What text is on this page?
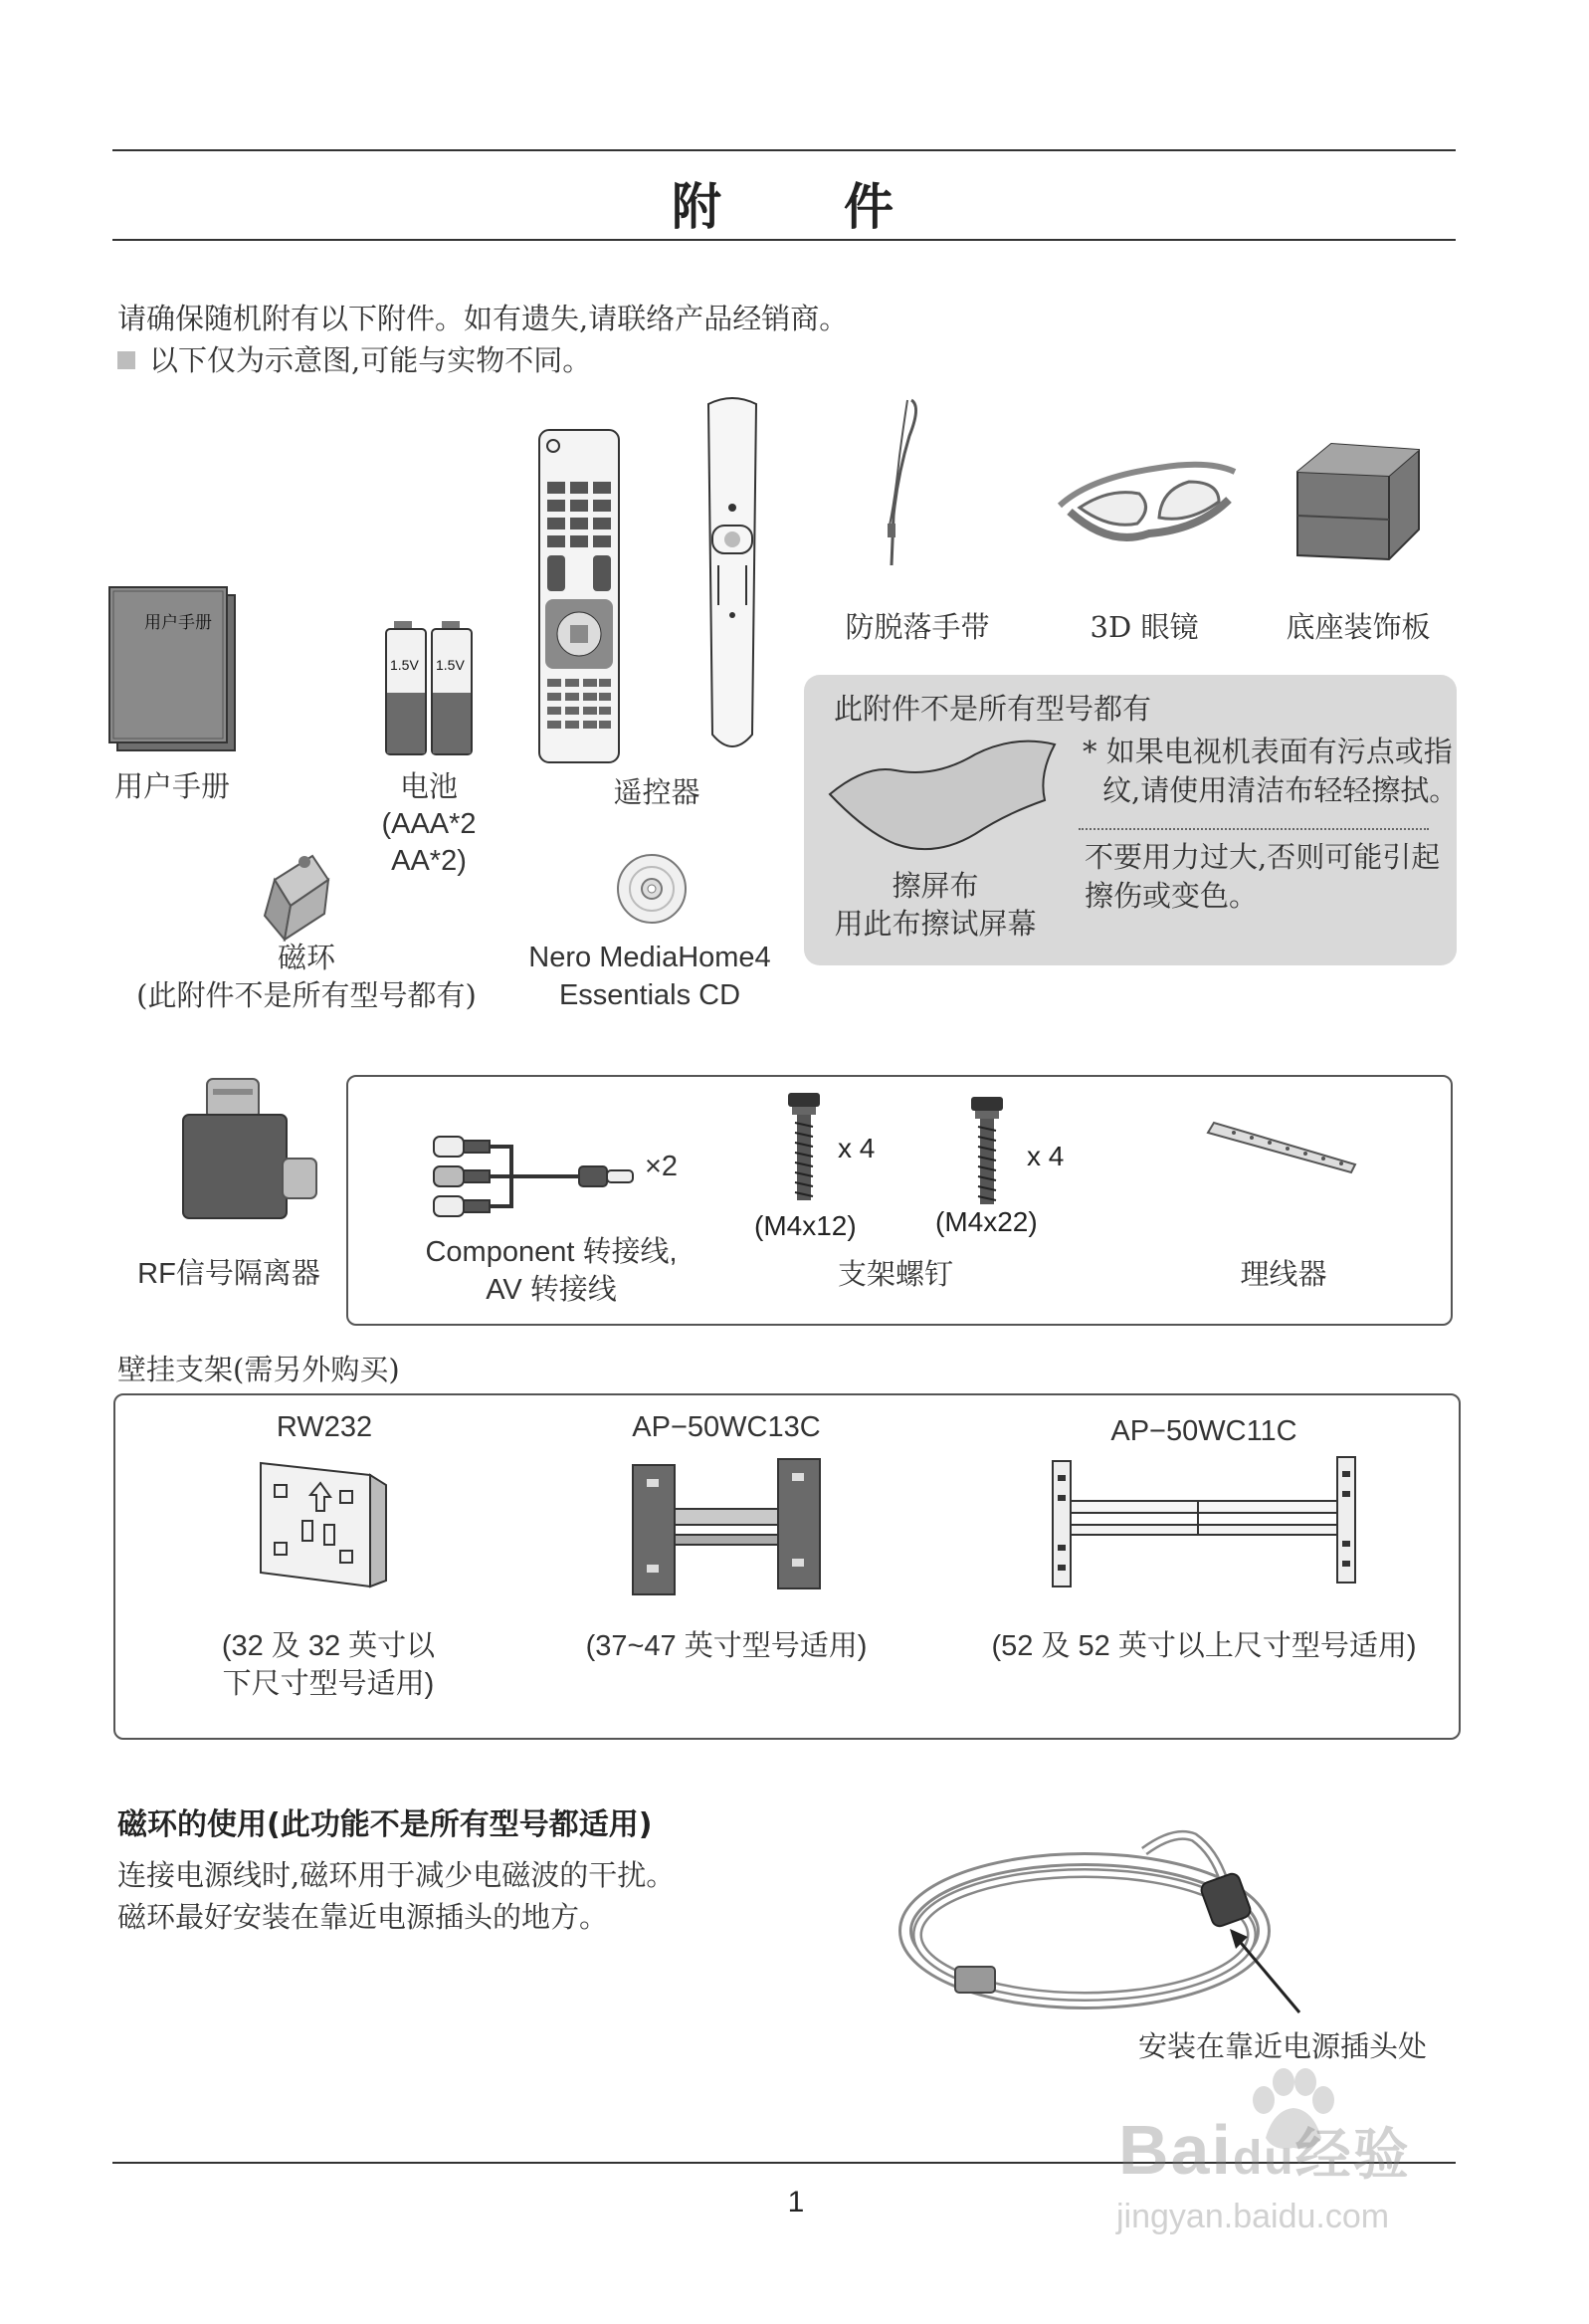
附 件
请确保随机附有以下附件。如有遗失,请联络产品经销商。
以下仅为示意图,可能与实物不同。
用户手册
用户手册
1.5V 1.5V
电池
(AAA*2
AA*2)
遥控器
防脱落手带	3D 眼镜	底座装饰板
此附件不是所有型号都有
擦屏布
用此布擦试屏幕
* 如果电视机表面有污点或指
纹,请使用清洁布轻轻擦拭。
不要用力过大,否则可能引起
擦伤或变色。
磁环
(此附件不是所有型号都有)
Nero MediaHome4
Essentials CD
RF信号隔离器
×2
Component 转接线,
AV 转接线
x 4
(M4x12)
x 4
(M4x22)
支架螺钉	理线器
壁挂支架(需另外购买)
RW232
(32 及 32 英寸以
下尺寸型号适用)
AP−50WC13C
(37~47 英寸型号适用)
AP−50WC11C
(52 及 52 英寸以上尺寸型号适用)
磁环的使用(此功能不是所有型号都适用)
连接电源线时,磁环用于减少电磁波的干扰。
磁环最好安装在靠近电源插头的地方。
安装在靠近电源插头处
1
Baidu经验
jingyan.baidu.com
